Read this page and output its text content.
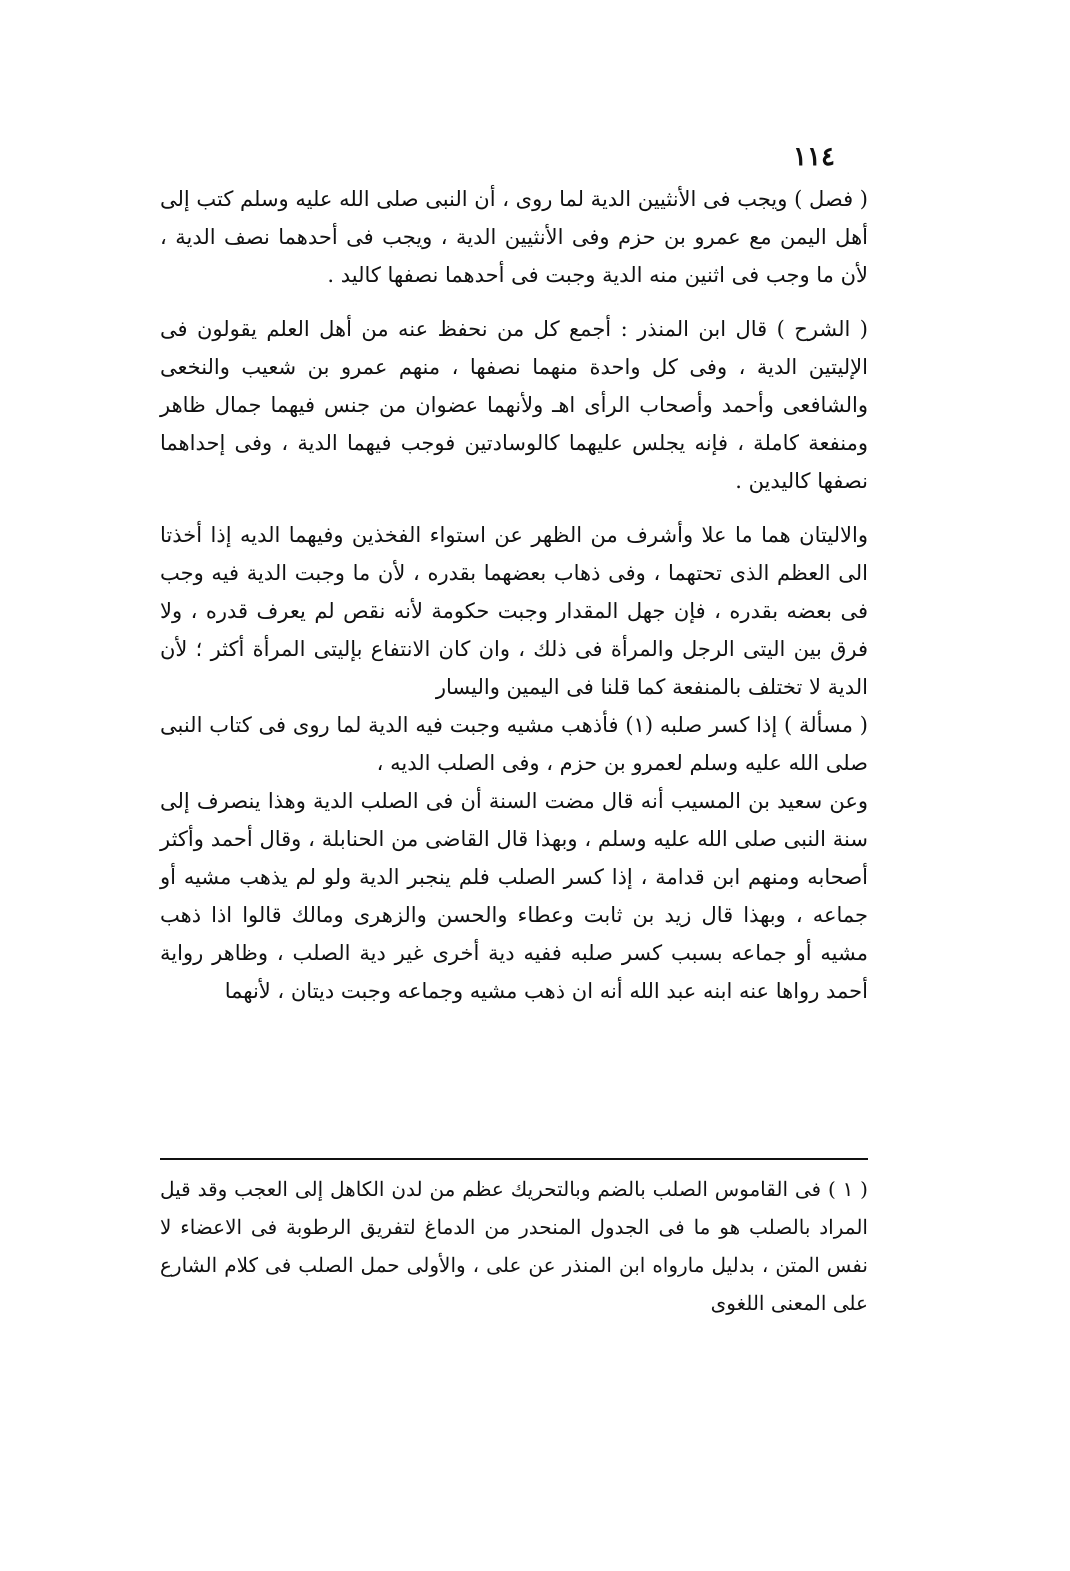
١١٤

( فصل ) ويجب فى الأنثيين الدية لما روى ، أن النبى صلى الله عليه وسلم كتب إلى أهل اليمن مع عمرو بن حزم وفى الأنثيين الدية ، ويجب فى أحدهما نصف الدية ، لأن ما وجب فى اثنين منه الدية وجبت فى أحدهما نصفها كاليد .

( الشرح ) قال ابن المنذر : أجمع كل من نحفظ عنه من أهل العلم يقولون فى الإليتين الدية ، وفى كل واحدة منهما نصفها ، منهم عمرو بن شعيب والنخعى والشافعى وأحمد وأصحاب الرأى اهـ ولأنهما عضوان من جنس فيهما جمال ظاهر ومنفعة كاملة ، فإنه يجلس عليهما كالوسادتين فوجب فيهما الدية ، وفى إحداهما نصفها كاليدين .

والاليتان هما ما علا وأشرف من الظهر عن استواء الفخذين وفيهما الديه إذا أخذتا الى العظم الذى تحتهما ، وفى ذهاب بعضهما بقدره ، لأن ما وجبت الدية فيه وجب فى بعضه بقدره ، فإن جهل المقدار وجبت حكومة لأنه نقص لم يعرف قدره ، ولا فرق بين اليتى الرجل والمرأة فى ذلك ، وان كان الانتفاع بإليتى المرأة أكثر ؛ لأن الدية لا تختلف بالمنفعة كما قلنا فى اليمين واليسار

( مسألة ) إذا كسر صلبه (١) فأذهب مشيه وجبت فيه الدية لما روى فى كتاب النبى صلى الله عليه وسلم لعمرو بن حزم ، وفى الصلب الديه ،

وعن سعيد بن المسيب أنه قال مضت السنة أن فى الصلب الدية وهذا ينصرف إلى سنة النبى صلى الله عليه وسلم ، وبهذا قال القاضى من الحنابلة ، وقال أحمد وأكثر أصحابه ومنهم ابن قدامة ، إذا كسر الصلب فلم ينجبر الدية ولو لم يذهب مشيه أو جماعه ، وبهذا قال زيد بن ثابت وعطاء والحسن والزهرى ومالك قالوا اذا ذهب مشيه أو جماعه بسبب كسر صلبه ففيه دية أخرى غير دية الصلب ، وظاهر رواية أحمد رواها عنه ابنه عبد الله أنه ان ذهب مشيه وجماعه وجبت ديتان ، لأنهما

( ١ ) فى القاموس الصلب بالضم وبالتحريك عظم من لدن الكاهل إلى العجب وقد قيل المراد بالصلب هو ما فى الجدول المنحدر من الدماغ لتفريق الرطوبة فى الاعضاء لا نفس المتن ، بدليل مارواه ابن المنذر عن على ، والأولى حمل الصلب فى كلام الشارع على المعنى اللغوى
